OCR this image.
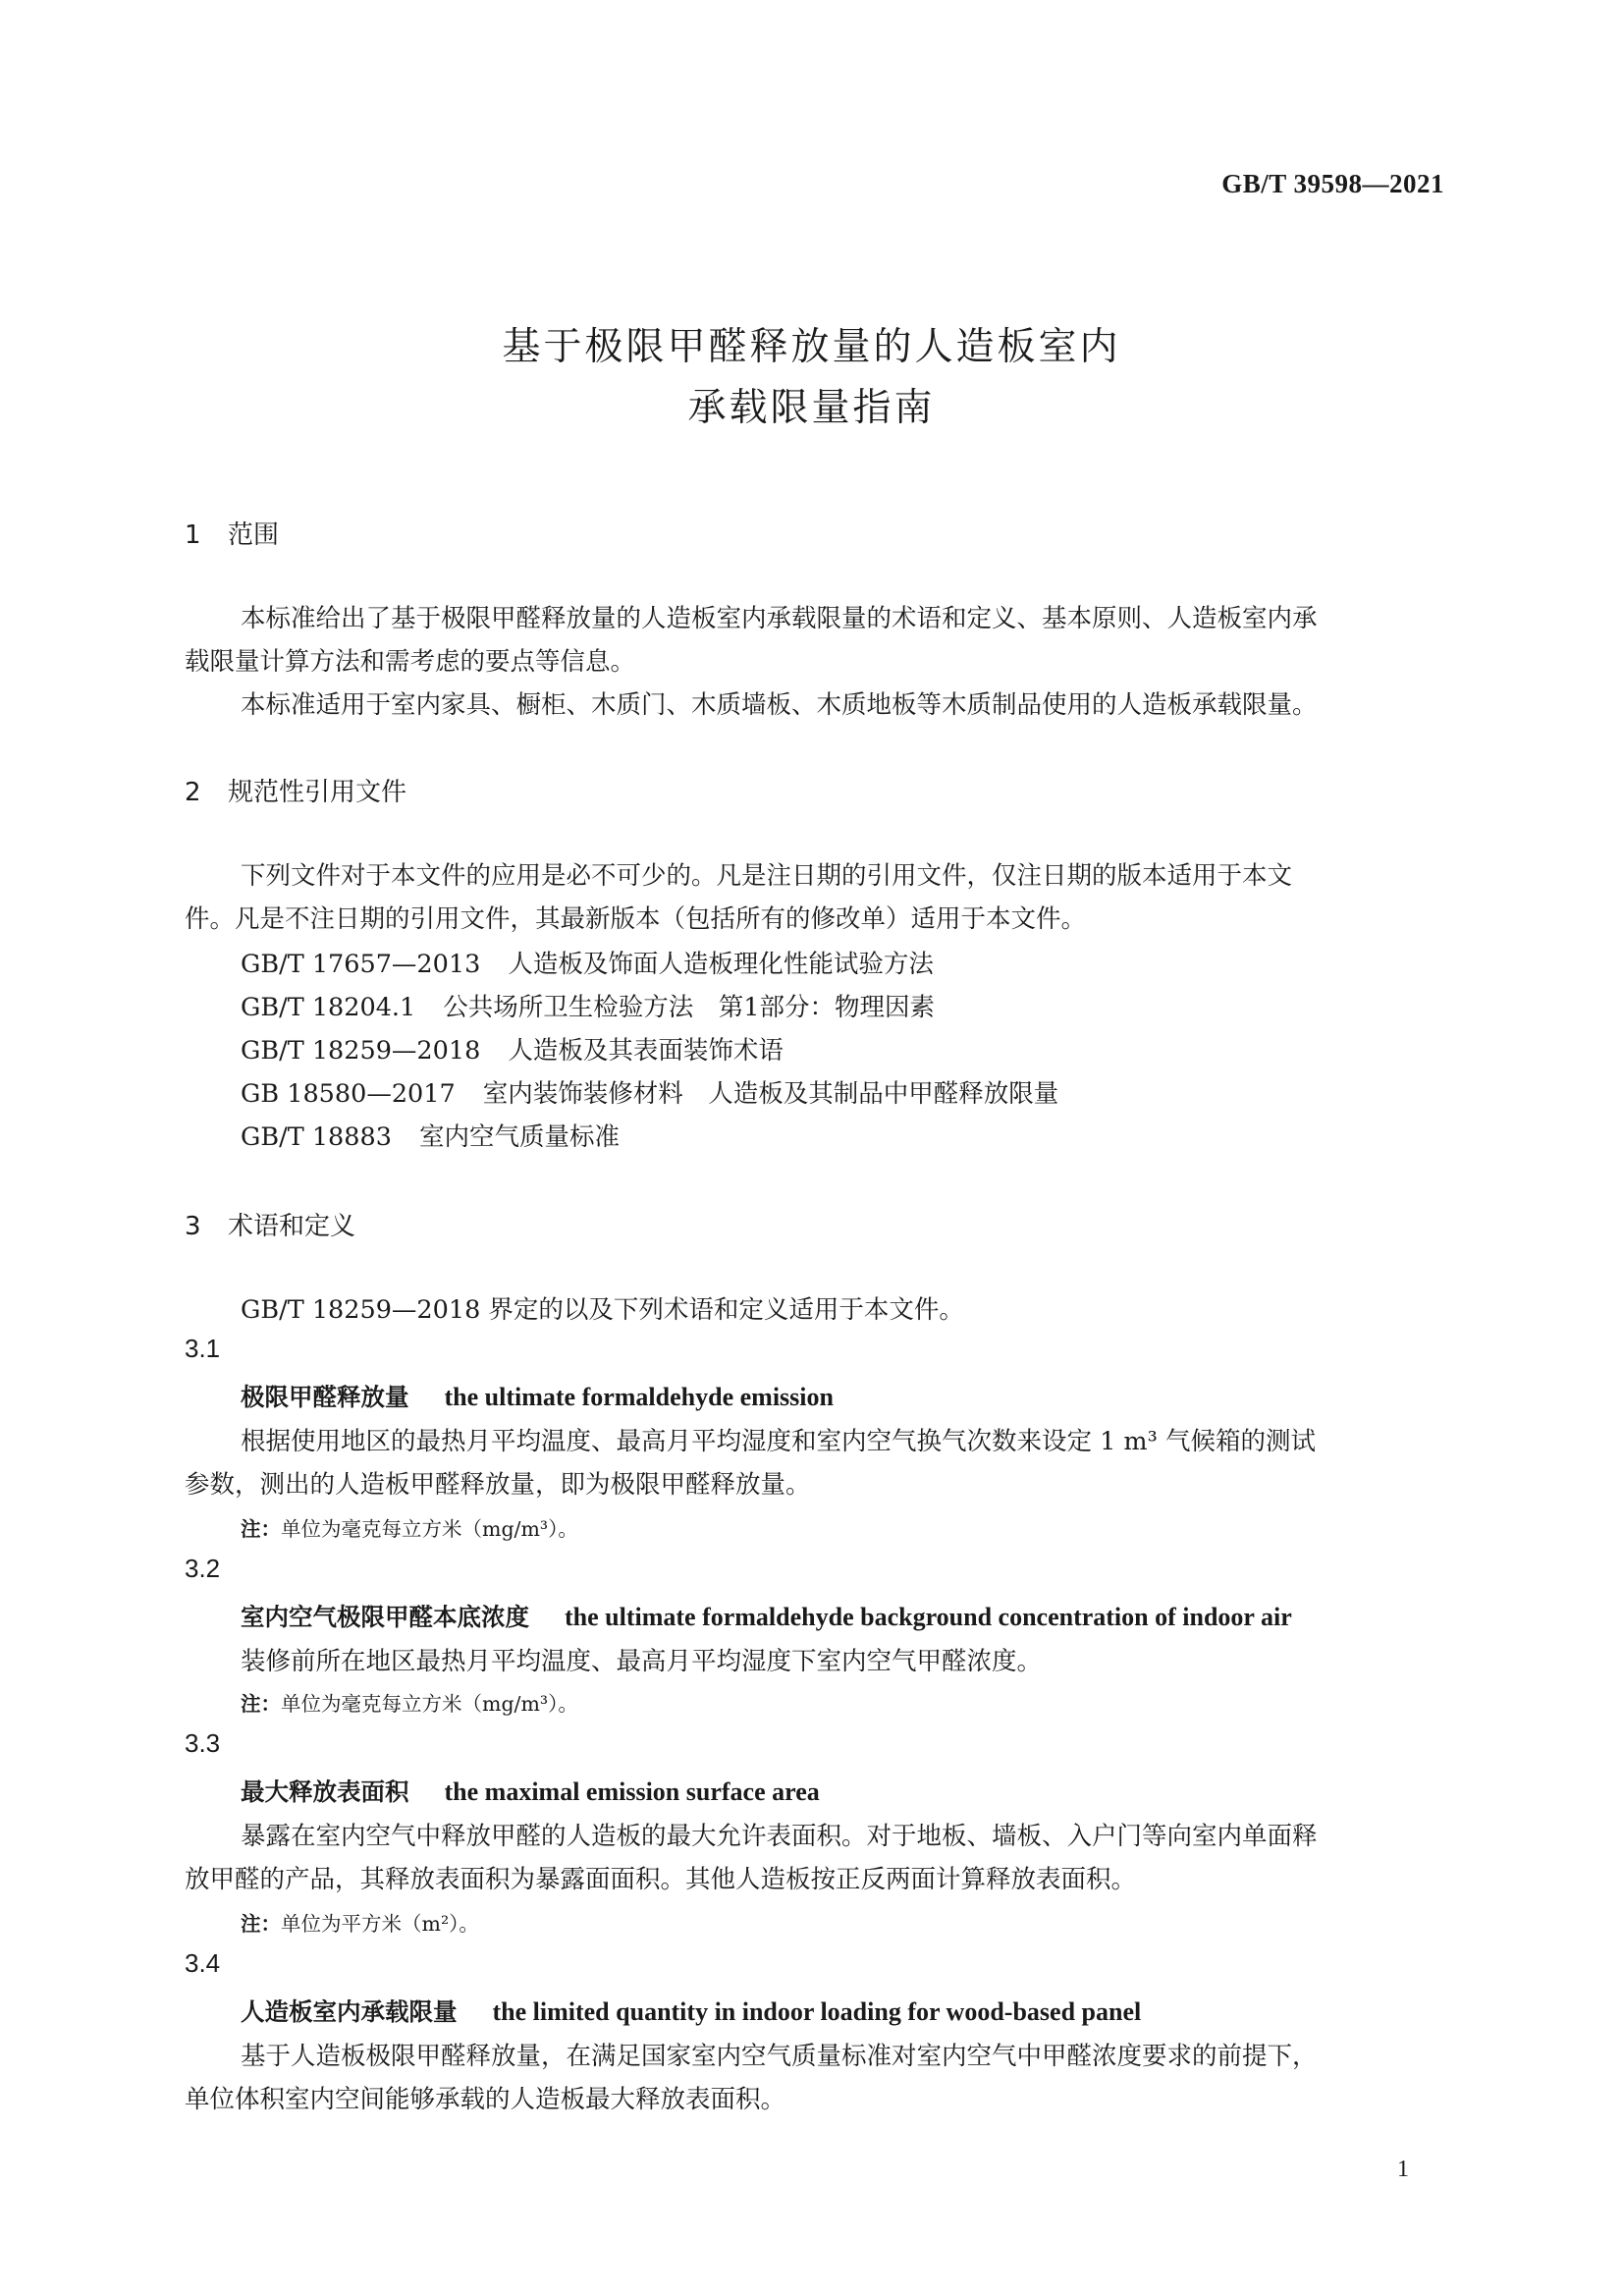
GB/T 39598—2021
基于极限甲醛释放量的人造板室内
承载限量指南
1 范围
本标准给出了基于极限甲醛释放量的人造板室内承载限量的术语和定义、基本原则、人造板室内承
载限量计算方法和需考虑的要点等信息。
本标准适用于室内家具、橱柜、木质门、木质墙板、木质地板等木质制品使用的人造板承载限量。
2 规范性引用文件
下列文件对于本文件的应用是必不可少的。凡是注日期的引用文件，仅注日期的版本适用于本文
件。凡是不注日期的引用文件，其最新版本（包括所有的修改单）适用于本文件。
GB/T 17657—2013 人造板及饰面人造板理化性能试验方法
GB/T 18204.1 公共场所卫生检验方法　第1部分：物理因素
GB/T 18259—2018 人造板及其表面装饰术语
GB 18580—2017 室内装饰装修材料　人造板及其制品中甲醛释放限量
GB/T 18883 室内空气质量标准
3 术语和定义
GB/T 18259—2018 界定的以及下列术语和定义适用于本文件。
3.1
极限甲醛释放量 the ultimate formaldehyde emission
根据使用地区的最热月平均温度、最高月平均湿度和室内空气换气次数来设定 1 m³ 气候箱的测试
参数，测出的人造板甲醛释放量，即为极限甲醛释放量。
注：单位为毫克每立方米（mg/m³）。
3.2
室内空气极限甲醛本底浓度 the ultimate formaldehyde background concentration of indoor air
装修前所在地区最热月平均温度、最高月平均湿度下室内空气甲醛浓度。
注：单位为毫克每立方米（mg/m³）。
3.3
最大释放表面积 the maximal emission surface area
暴露在室内空气中释放甲醛的人造板的最大允许表面积。对于地板、墙板、入户门等向室内单面释
放甲醛的产品，其释放表面积为暴露面面积。其他人造板按正反两面计算释放表面积。
注：单位为平方米（m²）。
3.4
人造板室内承载限量 the limited quantity in indoor loading for wood-based panel
基于人造板极限甲醛释放量，在满足国家室内空气质量标准对室内空气中甲醛浓度要求的前提下，
单位体积室内空间能够承载的人造板最大释放表面积。
1
